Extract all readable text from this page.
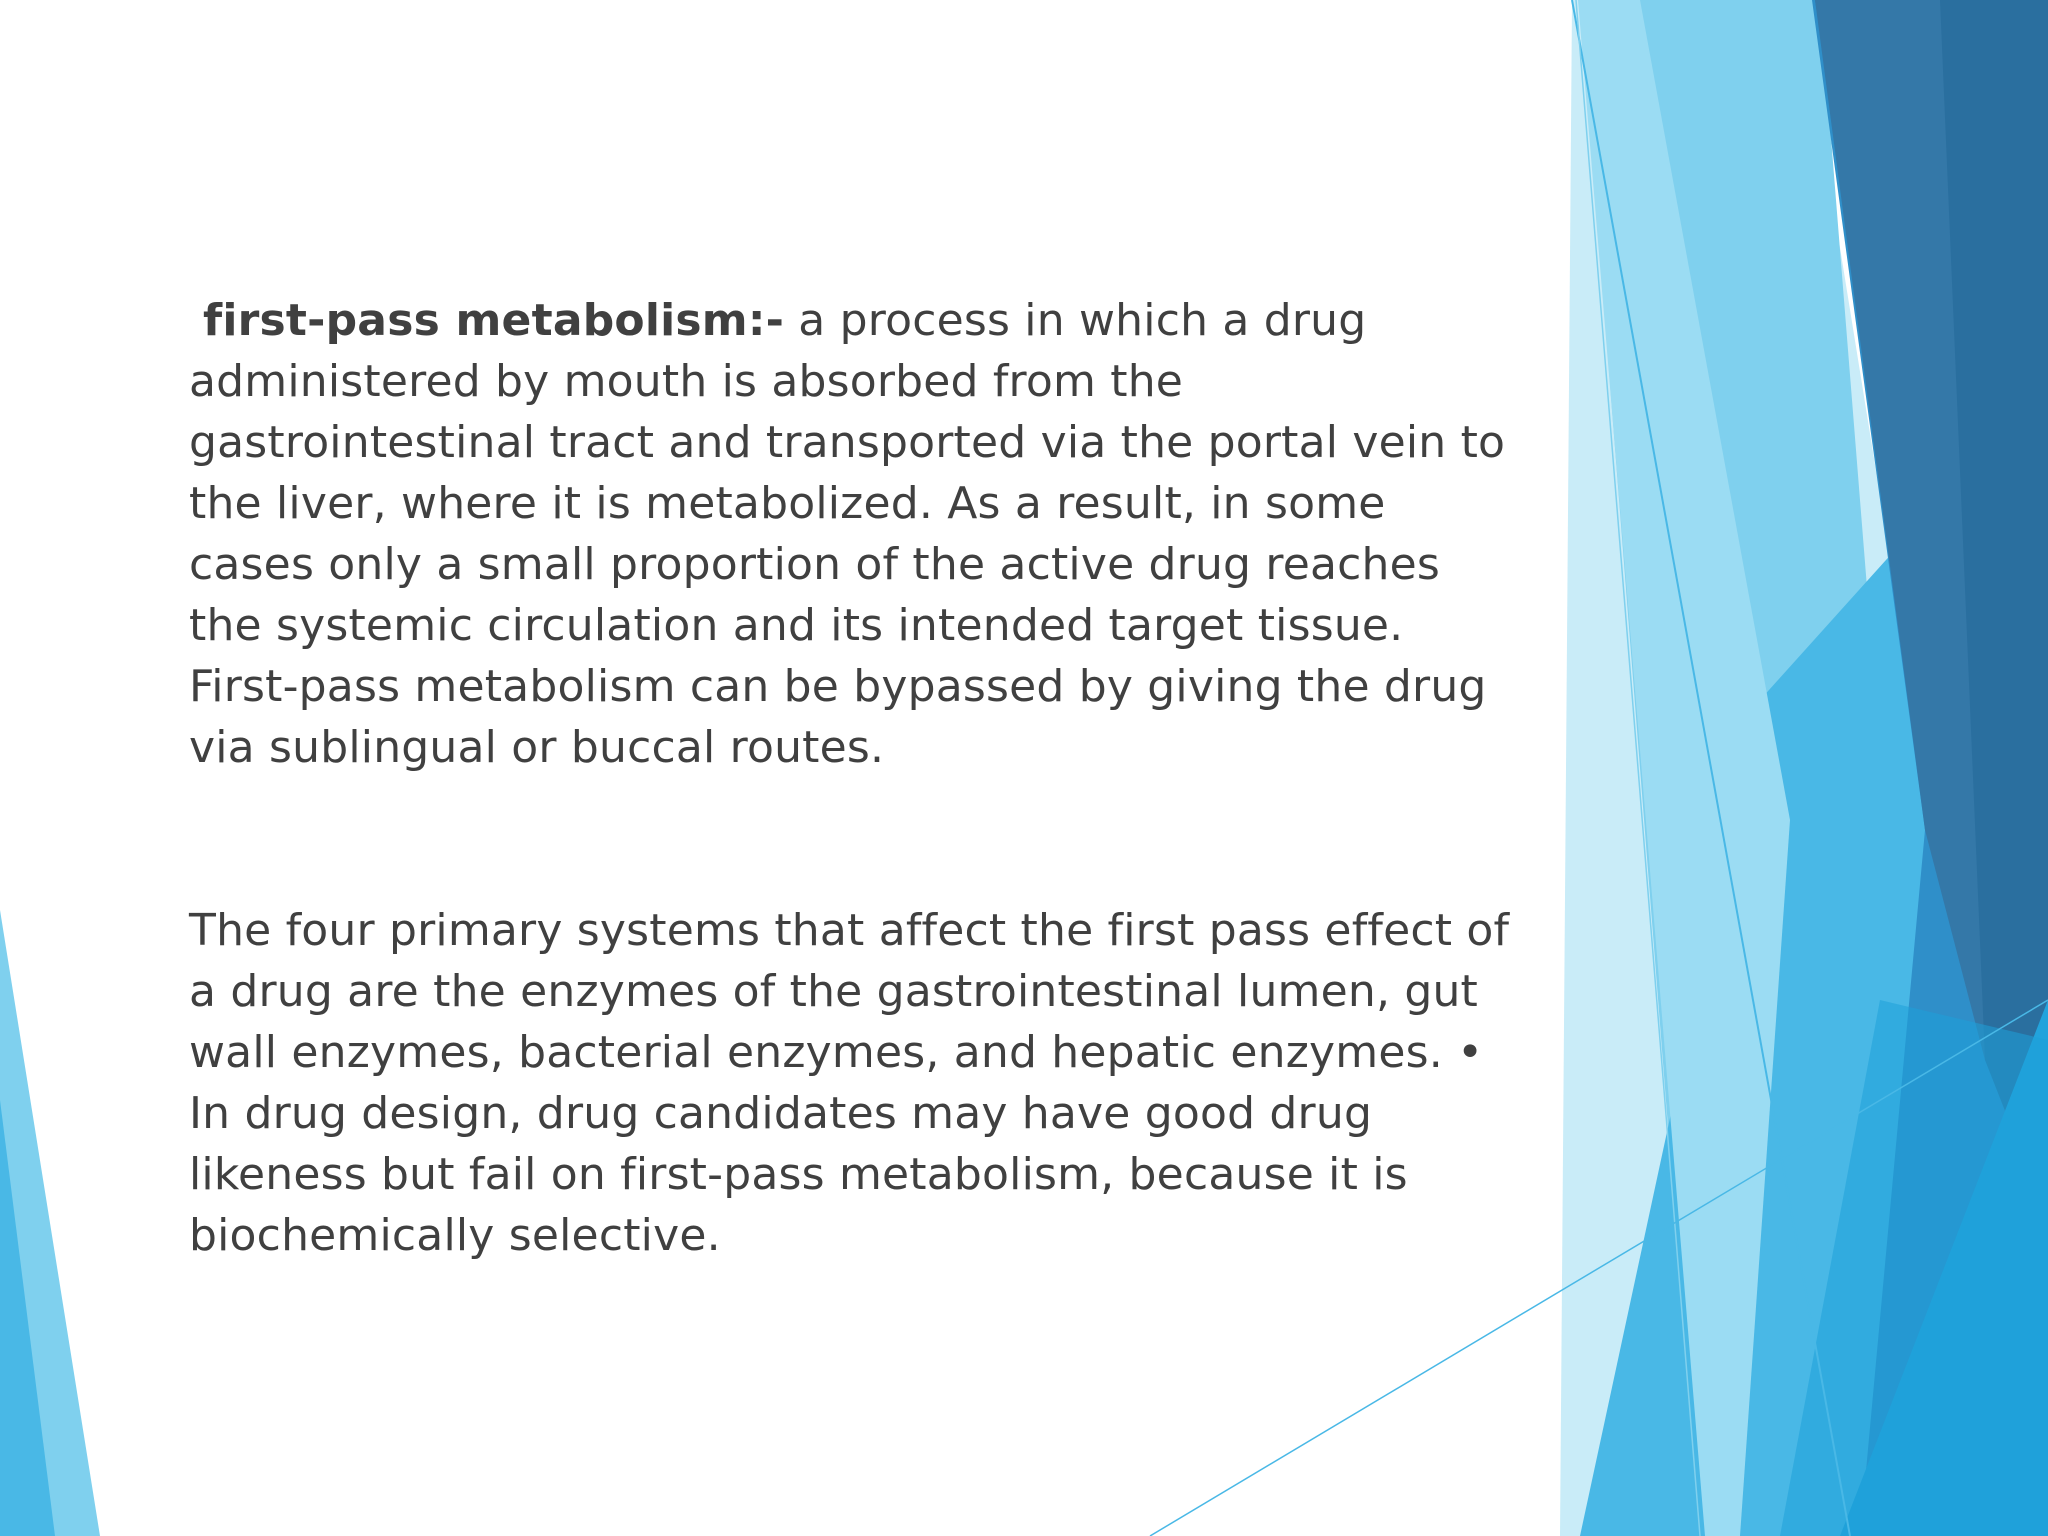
first-pass metabolism:- a process in which a drug
administered by mouth is absorbed from the
gastrointestinal tract and transported via the portal vein to
the liver, where it is metabolized. As a result, in some
cases only a small proportion of the active drug reaches
the systemic circulation and its intended target tissue.
First-pass metabolism can be bypassed by giving the drug
via sublingual or buccal routes.

The four primary systems that affect the first pass effect of
a drug are the enzymes of the gastrointestinal lumen, gut
wall enzymes, bacterial enzymes, and hepatic enzymes. •
In drug design, drug candidates may have good drug
likeness but fail on first-pass metabolism, because it is
biochemically selective.
